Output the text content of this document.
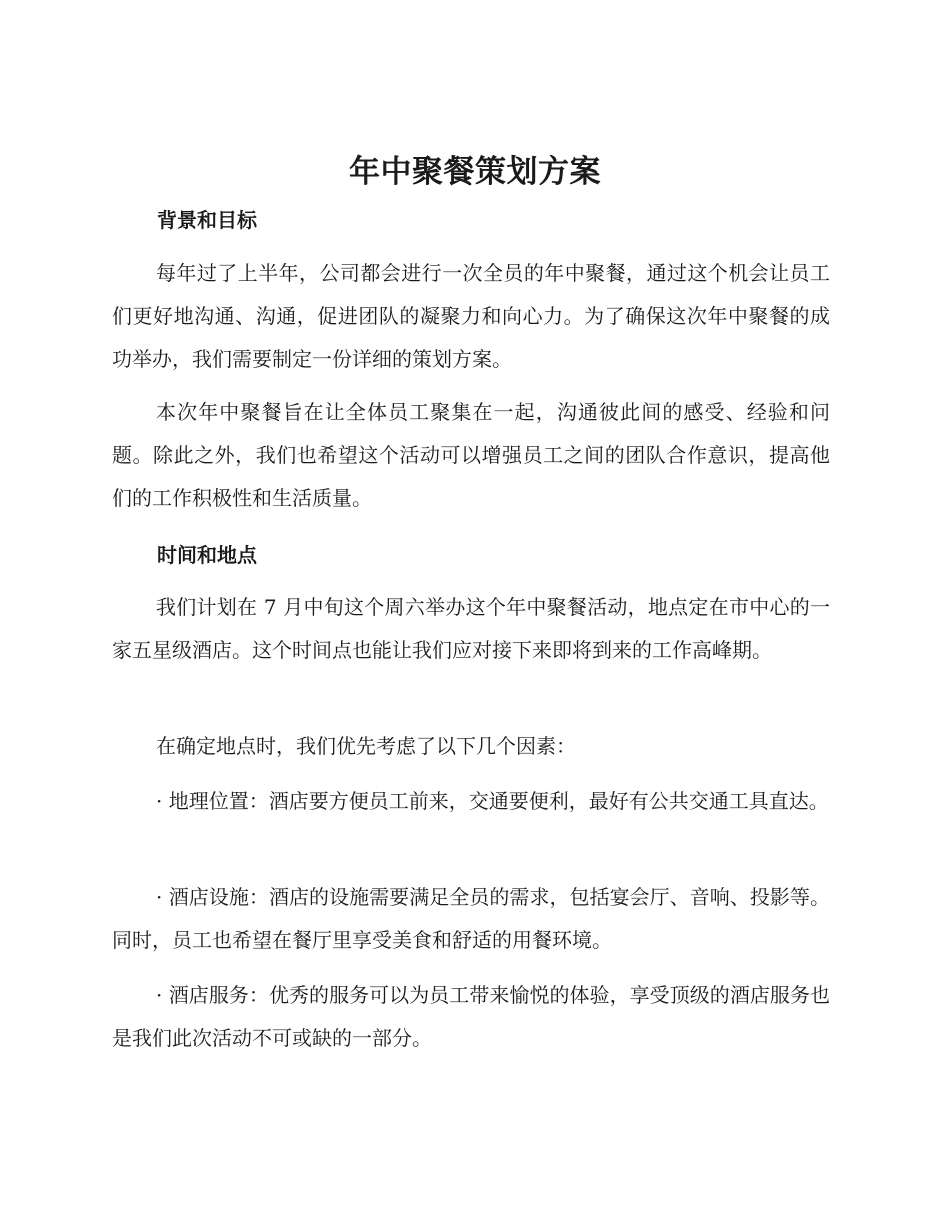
年中聚餐策划方案
背景和目标

每年过了上半年，公司都会进行一次全员的年中聚餐，通过这个机会让员工们更好地沟通、沟通，促进团队的凝聚力和向心力。为了确保这次年中聚餐的成功举办，我们需要制定一份详细的策划方案。

本次年中聚餐旨在让全体员工聚集在一起，沟通彼此间的感受、经验和问题。除此之外，我们也希望这个活动可以增强员工之间的团队合作意识，提高他们的工作积极性和生活质量。

时间和地点

我们计划在 7 月中旬这个周六举办这个年中聚餐活动，地点定在市中心的一家五星级酒店。这个时间点也能让我们应对接下来即将到来的工作高峰期。

在确定地点时，我们优先考虑了以下几个因素：

· 地理位置：酒店要方便员工前来，交通要便利，最好有公共交通工具直达。

· 酒店设施：酒店的设施需要满足全员的需求，包括宴会厅、音响、投影等。同时，员工也希望在餐厅里享受美食和舒适的用餐环境。

· 酒店服务：优秀的服务可以为员工带来愉悦的体验，享受顶级的酒店服务也是我们此次活动不可或缺的一部分。
